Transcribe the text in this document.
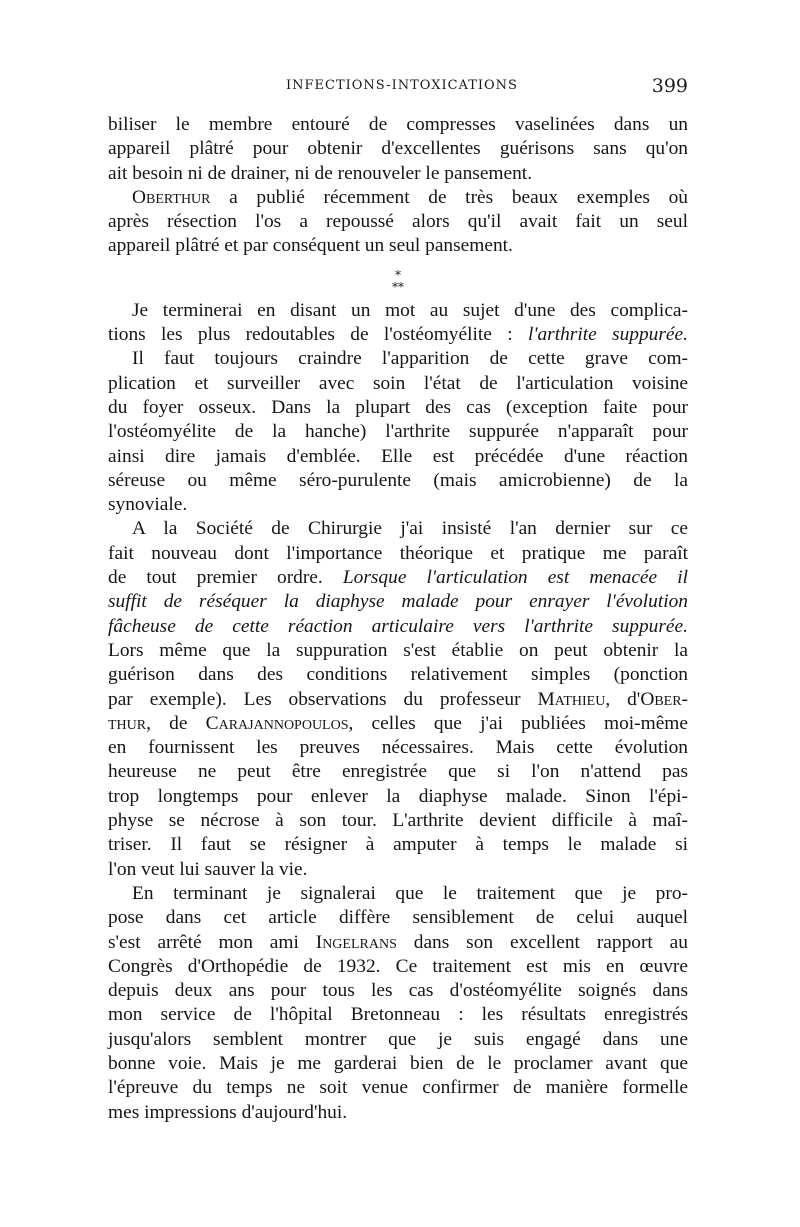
INFECTIONS-INTOXICATIONS	399
biliser le membre entouré de compresses vaselinées dans un
appareil plâtré pour obtenir d'excellentes guérisons sans qu'on
ait besoin ni de drainer, ni de renouveler le pansement.
Oberthur a publié récemment de très beaux exemples où
après résection l'os a repoussé alors qu'il avait fait un seul
appareil plâtré et par conséquent un seul pansement.
*
**
Je terminerai en disant un mot au sujet d'une des complica-
tions les plus redoutables de l'ostéomyélite : l'arthrite suppurée.
Il faut toujours craindre l'apparition de cette grave com-
plication et surveiller avec soin l'état de l'articulation voisine
du foyer osseux. Dans la plupart des cas (exception faite pour
l'ostéomyélite de la hanche) l'arthrite suppurée n'apparaît pour
ainsi dire jamais d'emblée. Elle est précédée d'une réaction
séreuse ou même séro-purulente (mais amicrobienne) de la
synoviale.
A la Société de Chirurgie j'ai insisté l'an dernier sur ce
fait nouveau dont l'importance théorique et pratique me paraît
de tout premier ordre. Lorsque l'articulation est menacée il
suffit de réséquer la diaphyse malade pour enrayer l'évolution
fâcheuse de cette réaction articulaire vers l'arthrite suppurée.
Lors même que la suppuration s'est établie on peut obtenir la
guérison dans des conditions relativement simples (ponction
par exemple). Les observations du professeur Mathieu, d'Ober-
thur, de Carajannopoulos, celles que j'ai publiées moi-même
en fournissent les preuves nécessaires. Mais cette évolution
heureuse ne peut être enregistrée que si l'on n'attend pas
trop longtemps pour enlever la diaphyse malade. Sinon l'épi-
physe se nécrose à son tour. L'arthrite devient difficile à maî-
triser. Il faut se résigner à amputer à temps le malade si
l'on veut lui sauver la vie.
En terminant je signalerai que le traitement que je pro-
pose dans cet article diffère sensiblement de celui auquel
s'est arrêté mon ami Ingelrans dans son excellent rapport au
Congrès d'Orthopédie de 1932. Ce traitement est mis en œuvre
depuis deux ans pour tous les cas d'ostéomyélite soignés dans
mon service de l'hôpital Bretonneau : les résultats enregistrés
jusqu'alors semblent montrer que je suis engagé dans une
bonne voie. Mais je me garderai bien de le proclamer avant que
l'épreuve du temps ne soit venue confirmer de manière formelle
mes impressions d'aujourd'hui.
